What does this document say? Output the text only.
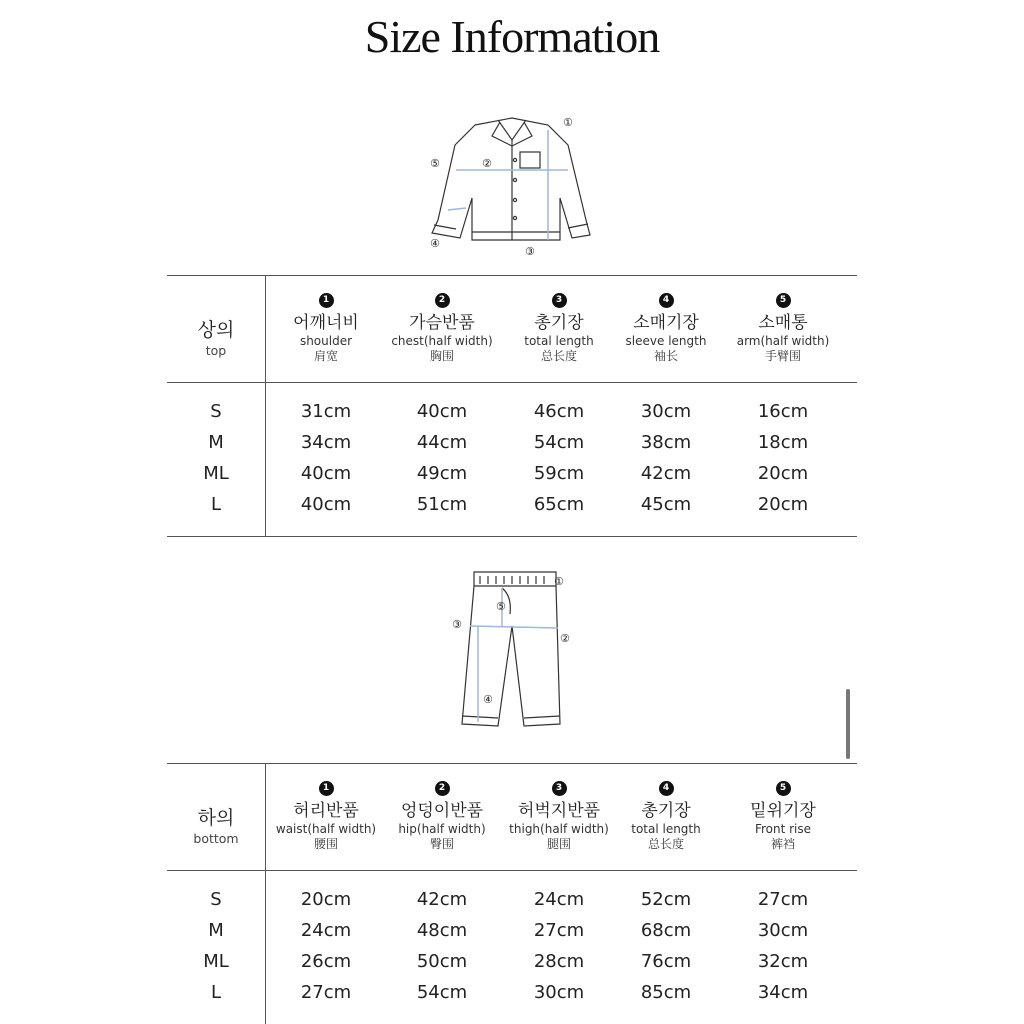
Size Information
①
②
③
④
⑤
상의
top
1
어깨너비
shoulder
肩宽
2
가슴반품
chest(half width)
胸围
3
총기장
total length
总长度
4
소매기장
sleeve length
袖长
5
소매통
arm(half width)
手臂围
S
M
ML
L
31cm
34cm
40cm
40cm
40cm
44cm
49cm
51cm
46cm
54cm
59cm
65cm
30cm
38cm
42cm
45cm
16cm
18cm
20cm
20cm
①
②
③
④
⑤
하의
bottom
1
허리반품
waist(half width)
腰围
2
엉덩이반품
hip(half width)
臀围
3
허벅지반품
thigh(half width)
腿围
4
총기장
total length
总长度
5
밑위기장
Front rise
裤裆
S
M
ML
L
20cm
24cm
26cm
27cm
42cm
48cm
50cm
54cm
24cm
27cm
28cm
30cm
52cm
68cm
76cm
85cm
27cm
30cm
32cm
34cm
